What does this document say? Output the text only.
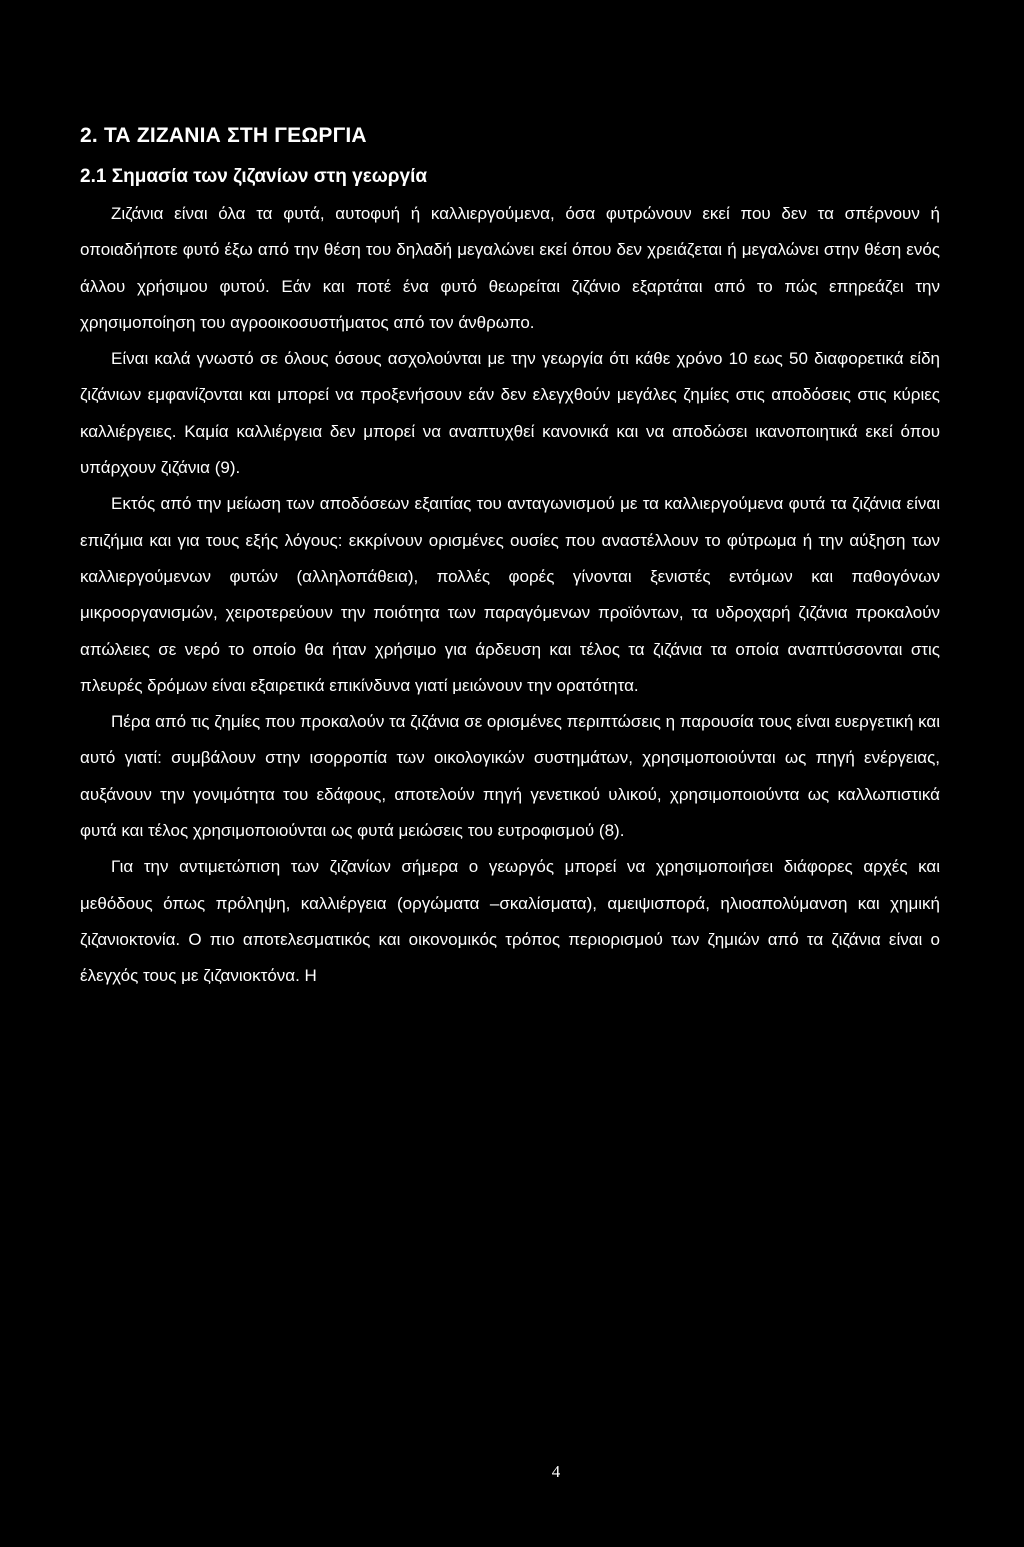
2. ΤΑ ΖΙΖΑΝΙΑ ΣΤΗ ΓΕΩΡΓΙΑ
2.1 Σημασία των ζιζανίων στη γεωργία

Ζιζάνια είναι όλα τα φυτά, αυτοφυή ή καλλιεργούμενα, όσα φυτρώνουν εκεί που δεν τα σπέρνουν ή οποιαδήποτε φυτό έξω από την θέση του δηλαδή μεγαλώνει εκεί όπου δεν χρειάζεται ή μεγαλώνει στην θέση ενός άλλου χρήσιμου φυτού. Εάν και ποτέ ένα φυτό θεωρείται ζιζάνιο εξαρτάται από το πώς επηρεάζει την χρησιμοποίηση του αγροοικοσυστήματος από τον άνθρωπο.

Είναι καλά γνωστό σε όλους όσους ασχολούνται με την γεωργία ότι κάθε χρόνο 10 εως 50 διαφορετικά είδη ζιζάνιων εμφανίζονται και μπορεί να προξενήσουν εάν δεν ελεγχθούν μεγάλες ζημίες στις αποδόσεις στις κύριες καλλιέργειες. Καμία καλλιέργεια δεν μπορεί να αναπτυχθεί κανονικά και να αποδώσει ικανοποιητικά εκεί όπου υπάρχουν ζιζάνια (9).

Εκτός από την μείωση των αποδόσεων εξαιτίας του ανταγωνισμού με τα καλλιεργούμενα φυτά τα ζιζάνια είναι επιζήμια και για τους εξής λόγους: εκκρίνουν ορισμένες ουσίες που αναστέλλουν το φύτρωμα ή την αύξηση των καλλιεργούμενων φυτών (αλληλοπάθεια), πολλές φορές γίνονται ξενιστές εντόμων και παθογόνων μικροοργανισμών, χειροτερεύουν την ποιότητα των παραγόμενων προϊόντων, τα υδροχαρή ζιζάνια προκαλούν απώλειες σε νερό το οποίο θα ήταν χρήσιμο για άρδευση και τέλος τα ζιζάνια τα οποία αναπτύσσονται στις πλευρές δρόμων είναι εξαιρετικά επικίνδυνα γιατί μειώνουν την ορατότητα.

Πέρα από τις ζημίες που προκαλούν τα ζιζάνια σε ορισμένες περιπτώσεις η παρουσία τους είναι ευεργετική και αυτό γιατί: συμβάλουν στην ισορροπία των οικολογικών συστημάτων, χρησιμοποιούνται ως πηγή ενέργειας, αυξάνουν την γονιμότητα του εδάφους, αποτελούν πηγή γενετικού υλικού, χρησιμοποιούντα ως καλλωπιστικά φυτά και τέλος χρησιμοποιούνται ως φυτά μειώσεις του ευτροφισμού (8).

Για την αντιμετώπιση των ζιζανίων σήμερα ο γεωργός μπορεί να χρησιμοποιήσει διάφορες αρχές και μεθόδους όπως πρόληψη, καλλιέργεια (οργώματα –σκαλίσματα), αμειψισπορά, ηλιοαπολύμανση και χημική ζιζανιοκτονία. Ο πιο αποτελεσματικός και οικονομικός τρόπος περιορισμού των ζημιών από τα ζιζάνια είναι ο έλεγχός τους με ζιζανιοκτόνα. Η

4
